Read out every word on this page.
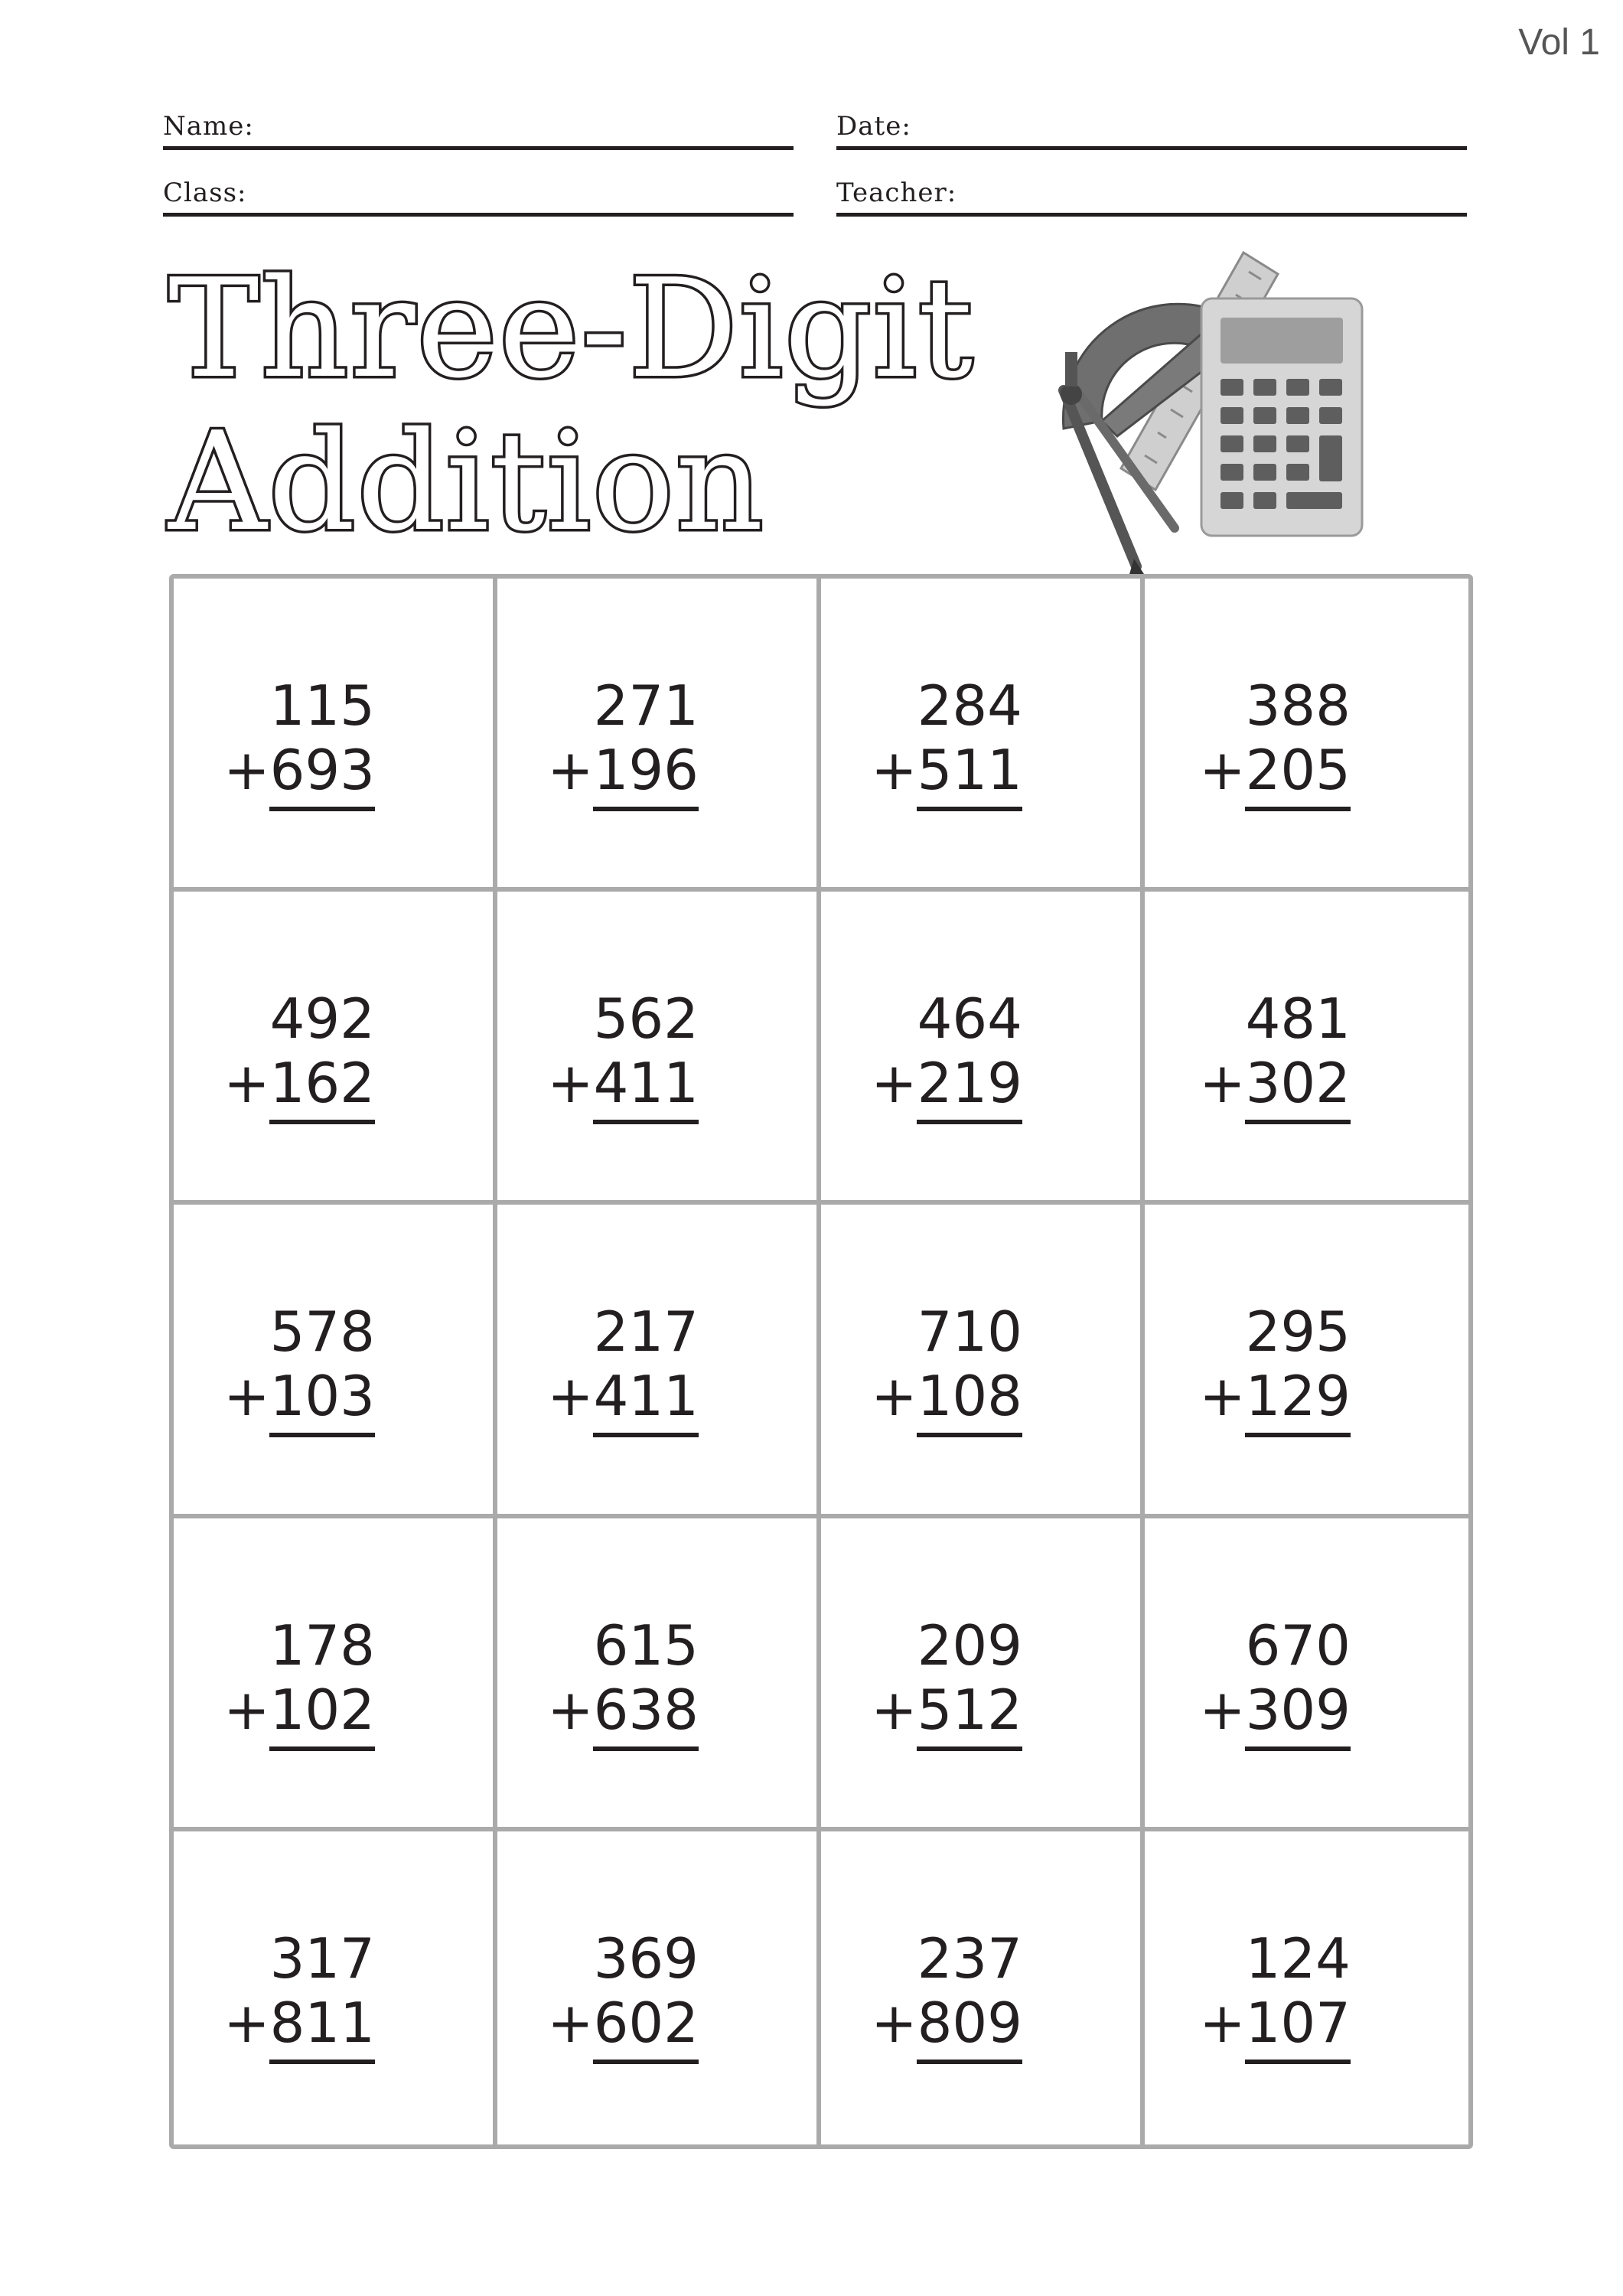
Vol 1
Name:	Date:
Class:	Teacher:
Three-Digit
Addition
115
+693
271
+196
284
+511
388
+205
492
+162
562
+411
464
+219
481
+302
578
+103
217
+411
710
+108
295
+129
178
+102
615
+638
209
+512
670
+309
317
+811
369
+602
237
+809
124
+107
